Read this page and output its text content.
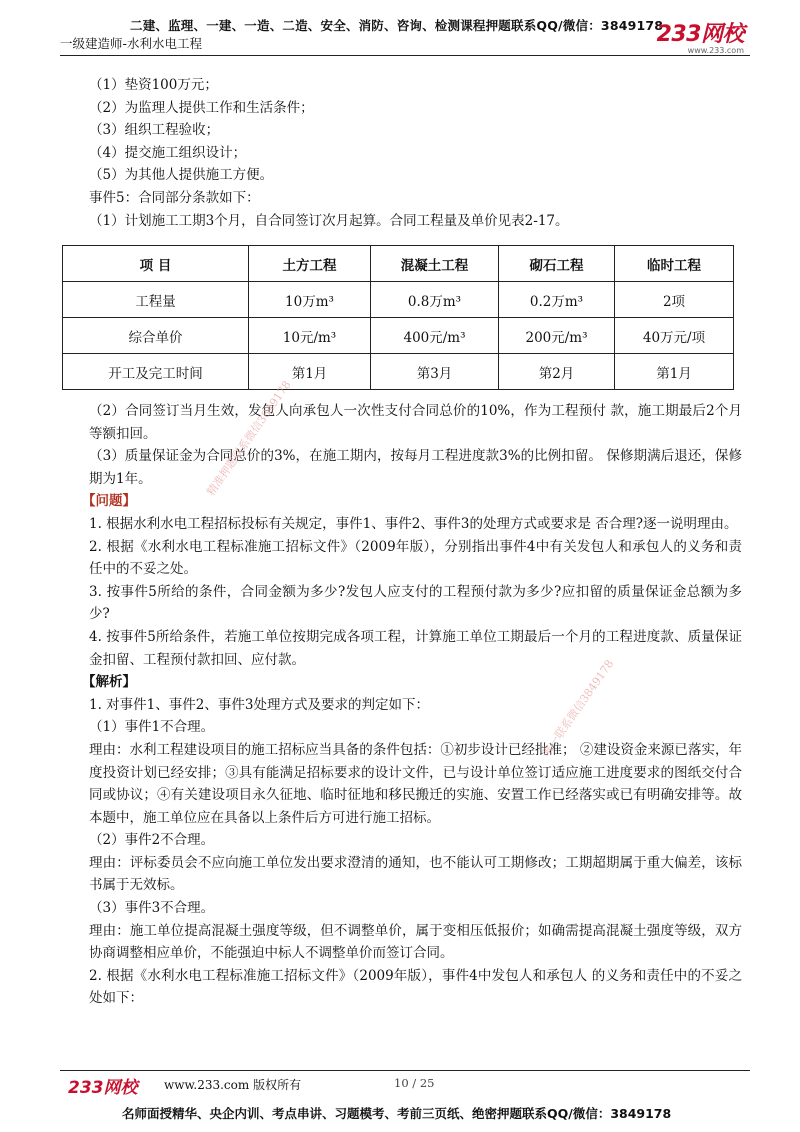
二建、监理、一建、一造、二造、安全、消防、咨询、检测课程押题联系QQ/微信：3849178
一级建造师-水利水电工程	233网校
www.233.com
（1）垫资100万元；
（2）为监理人提供工作和生活条件；
（3）组织工程验收；
（4）提交施工组织设计；
（5）为其他人提供施工方便。
事件5：合同部分条款如下：
（1）计划施工工期3个月，自合同签订次月起算。合同工程量及单价见表2-17。
项 目	土方工程	混凝土工程	砌石工程	临时工程
工程量	10万m³	0.8万m³	0.2万m³	2项
综合单价	10元/m³	400元/m³	200元/m³	40万元/项
开工及完工时间	第1月	第3月	第2月	第1月
（2）合同签订当月生效，发包人向承包人一次性支付合同总价的10%，作为工程预付 款，施工期最后2个月等额扣回。
（3）质量保证金为合同总价的3%，在施工期内，按每月工程进度款3%的比例扣留。 保修期满后退还，保修期为1年。
【问题】
1. 根据水利水电工程招标投标有关规定，事件1、事件2、事件3的处理方式或要求是 否合理?逐一说明理由。
2. 根据《水利水电工程标准施工招标文件》（2009年版），分别指出事件4中有关发包人和承包人的义务和责任中的不妥之处。
3. 按事件5所给的条件，合同金额为多少?发包人应支付的工程预付款为多少?应扣留的质量保证金总额为多少?
4. 按事件5所给条件，若施工单位按期完成各项工程，计算施工单位工期最后一个月的工程进度款、质量保证金扣留、工程预付款扣回、应付款。
【解析】
1. 对事件1、事件2、事件3处理方式及要求的判定如下：
（1）事件1不合理。
理由：水利工程建设项目的施工招标应当具备的条件包括：①初步设计已经批准； ②建设资金来源已落实，年度投资计划已经安排；③具有能满足招标要求的设计文件，已与设计单位签订适应施工进度要求的图纸交付合同或协议；④有关建设项目永久征地、临时征地和移民搬迁的实施、安置工作已经落实或已有明确安排等。故本题中，施工单位应在具备以上条件后方可进行施工招标。
（2）事件2不合理。
理由：评标委员会不应向施工单位发出要求澄清的通知，也不能认可工期修改；工期超期属于重大偏差，该标书属于无效标。
（3）事件3不合理。
理由：施工单位提高混凝土强度等级，但不调整单价，属于变相压低报价；如确需提高混凝土强度等级，双方协商调整相应单价，不能强迫中标人不调整单价而签订合同。
2. 根据《水利水电工程标准施工招标文件》（2009年版），事件4中发包人和承包人 的义务和责任中的不妥之处如下：
精准押题联系微信3849178
唯一联系微信3849178
233网校 www.233.com 版权所有	10 / 25
名师面授精华、央企内训、考点串讲、习题模考、考前三页纸、绝密押题联系QQ/微信：3849178
